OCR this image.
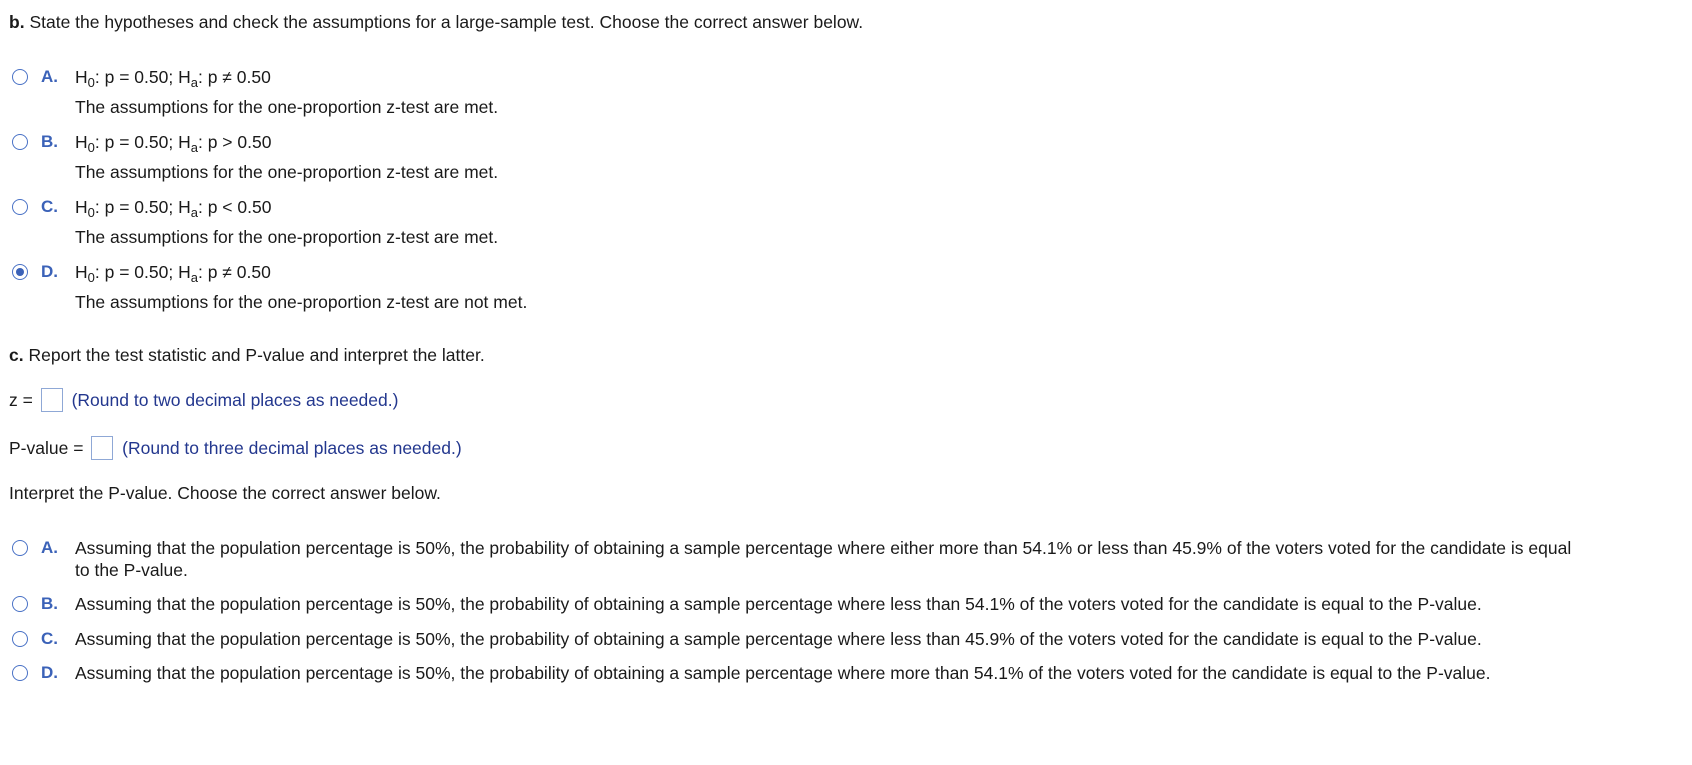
b. State the hypotheses and check the assumptions for a large-sample test. Choose the correct answer below.
A. $H_0$: p = 0.50; $H_a$: p ≠ 0.50
The assumptions for the one-proportion z-test are met.
B. $H_0$: p = 0.50; $H_a$: p > 0.50
The assumptions for the one-proportion z-test are met.
C. $H_0$: p = 0.50; $H_a$: p < 0.50
The assumptions for the one-proportion z-test are met.
D. $H_0$: p = 0.50; $H_a$: p ≠ 0.50
The assumptions for the one-proportion z-test are not met.
c. Report the test statistic and P-value and interpret the latter.
z = (Round to two decimal places as needed.)
P-value = (Round to three decimal places as needed.)
Interpret the P-value. Choose the correct answer below.
A. Assuming that the population percentage is 50%, the probability of obtaining a sample percentage where either more than 54.1% or less than 45.9% of the voters voted for the candidate is equal
to the P-value.
B. Assuming that the population percentage is 50%, the probability of obtaining a sample percentage where less than 54.1% of the voters voted for the candidate is equal to the P-value.
C. Assuming that the population percentage is 50%, the probability of obtaining a sample percentage where less than 45.9% of the voters voted for the candidate is equal to the P-value.
D. Assuming that the population percentage is 50%, the probability of obtaining a sample percentage where more than 54.1% of the voters voted for the candidate is equal to the P-value.
